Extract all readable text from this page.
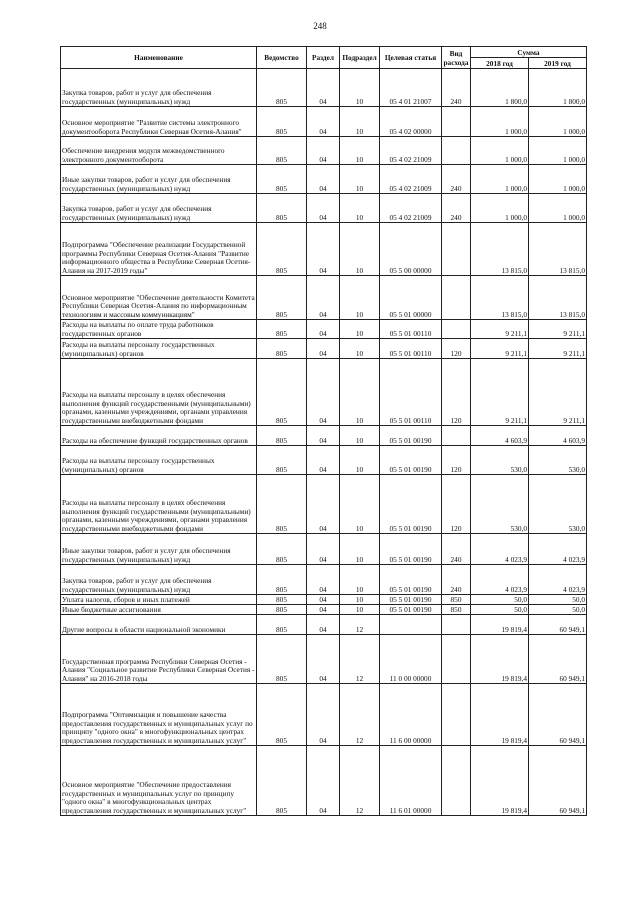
248
Наименование	Ведомство	Раздел	Подраздел	Целевая статья	Вид расхода	Сумма	
						2018 год	2019 год
Закупка товаров, работ и услуг для обеспечения государственных (муниципальных) нужд	805	04	10	05 4 01 21007	240	1 800,0	1 800,0
Основное мероприятие "Развитие системы электронного документооборота Республики Северная Осетия-Алания"	805	04	10	05 4 02 00000		1 000,0	1 000,0
Обеспечение внедрения модуля межведомственного электронного документооборота	805	04	10	05 4 02 21009		1 000,0	1 000,0
Иные закупки товаров, работ и услуг для обеспечения государственных (муниципальных) нужд	805	04	10	05 4 02 21009	240	1 000,0	1 000,0
Закупка товаров, работ и услуг для обеспечения государственных (муниципальных) нужд	805	04	10	05 4 02 21009	240	1 000,0	1 000,0
Подпрограмма "Обеспечение реализации Государственной программы Республики Северная Осетия-Алания "Развитие информационного общества в Республике Северная Осетия-Алания на 2017-2019 годы"	805	04	10	05 5 00 00000		13 815,0	13 815,0
Основное мероприятие "Обеспечение деятельности Комитета Республики Северная Осетия-Алания по информационным технологиям и массовым коммуникациям"	805	04	10	05 5 01 00000		13 815,0	13 815,0
Расходы на выплаты по оплате труда работников государственных органов	805	04	10	05 5 01 00110		9 211,1	9 211,1
Расходы на выплаты персоналу государственных (муниципальных) органов	805	04	10	05 5 01 00110	120	9 211,1	9 211,1
Расходы на выплаты персоналу в целях обеспечения выполнения функций государственными (муниципальными) органами, казенными учреждениями, органами управления государственными внебюджетными фондами	805	04	10	05 5 01 00110	120	9 211,1	9 211,1
Расходы на обеспечение функций государственных органов	805	04	10	05 5 01 00190		4 603,9	4 603,9
Расходы на выплаты персоналу государственных (муниципальных) органов	805	04	10	05 5 01 00190	120	530,0	530,0
Расходы на выплаты персоналу в целях обеспечения выполнения функций государственными (муниципальными) органами, казенными учреждениями, органами управления государственными внебюджетными фондами	805	04	10	05 5 01 00190	120	530,0	530,0
Иные закупки товаров, работ и услуг для обеспечения государственных (муниципальных) нужд	805	04	10	05 5 01 00190	240	4 023,9	4 023,9
Закупка товаров, работ и услуг для обеспечения государственных (муниципальных) нужд	805	04	10	05 5 01 00190	240	4 023,9	4 023,9
Уплата налогов, сборов и иных платежей	805	04	10	05 5 01 00190	850	50,0	50,0
Иные бюджетные ассигнования	805	04	10	05 5 01 00190	850	50,0	50,0
Другие вопросы в области национальной экономики	805	04	12			19 819,4	60 949,1
Государственная программа Республики Северная Осетия - Алания "Социальное развитие Республики Северная Осетия - Алания" на 2016-2018 годы	805	04	12	11 0 00 00000		19 819,4	60 949,1
Подпрограмма "Оптимизация и повышение качества предоставления государственных и муниципальных услуг по принципу "одного окна" в многофункциональных центрах предоставления государственных и муниципальных услуг"	805	04	12	11 6 00 00000		19 819,4	60 949,1
Основное мероприятие "Обеспечение предоставления государственных и муниципальных услуг по принципу "одного окна" в многофункциональных центрах предоставления государственных и муниципальных услуг"	805	04	12	11 6 01 00000		19 819,4	60 949,1
